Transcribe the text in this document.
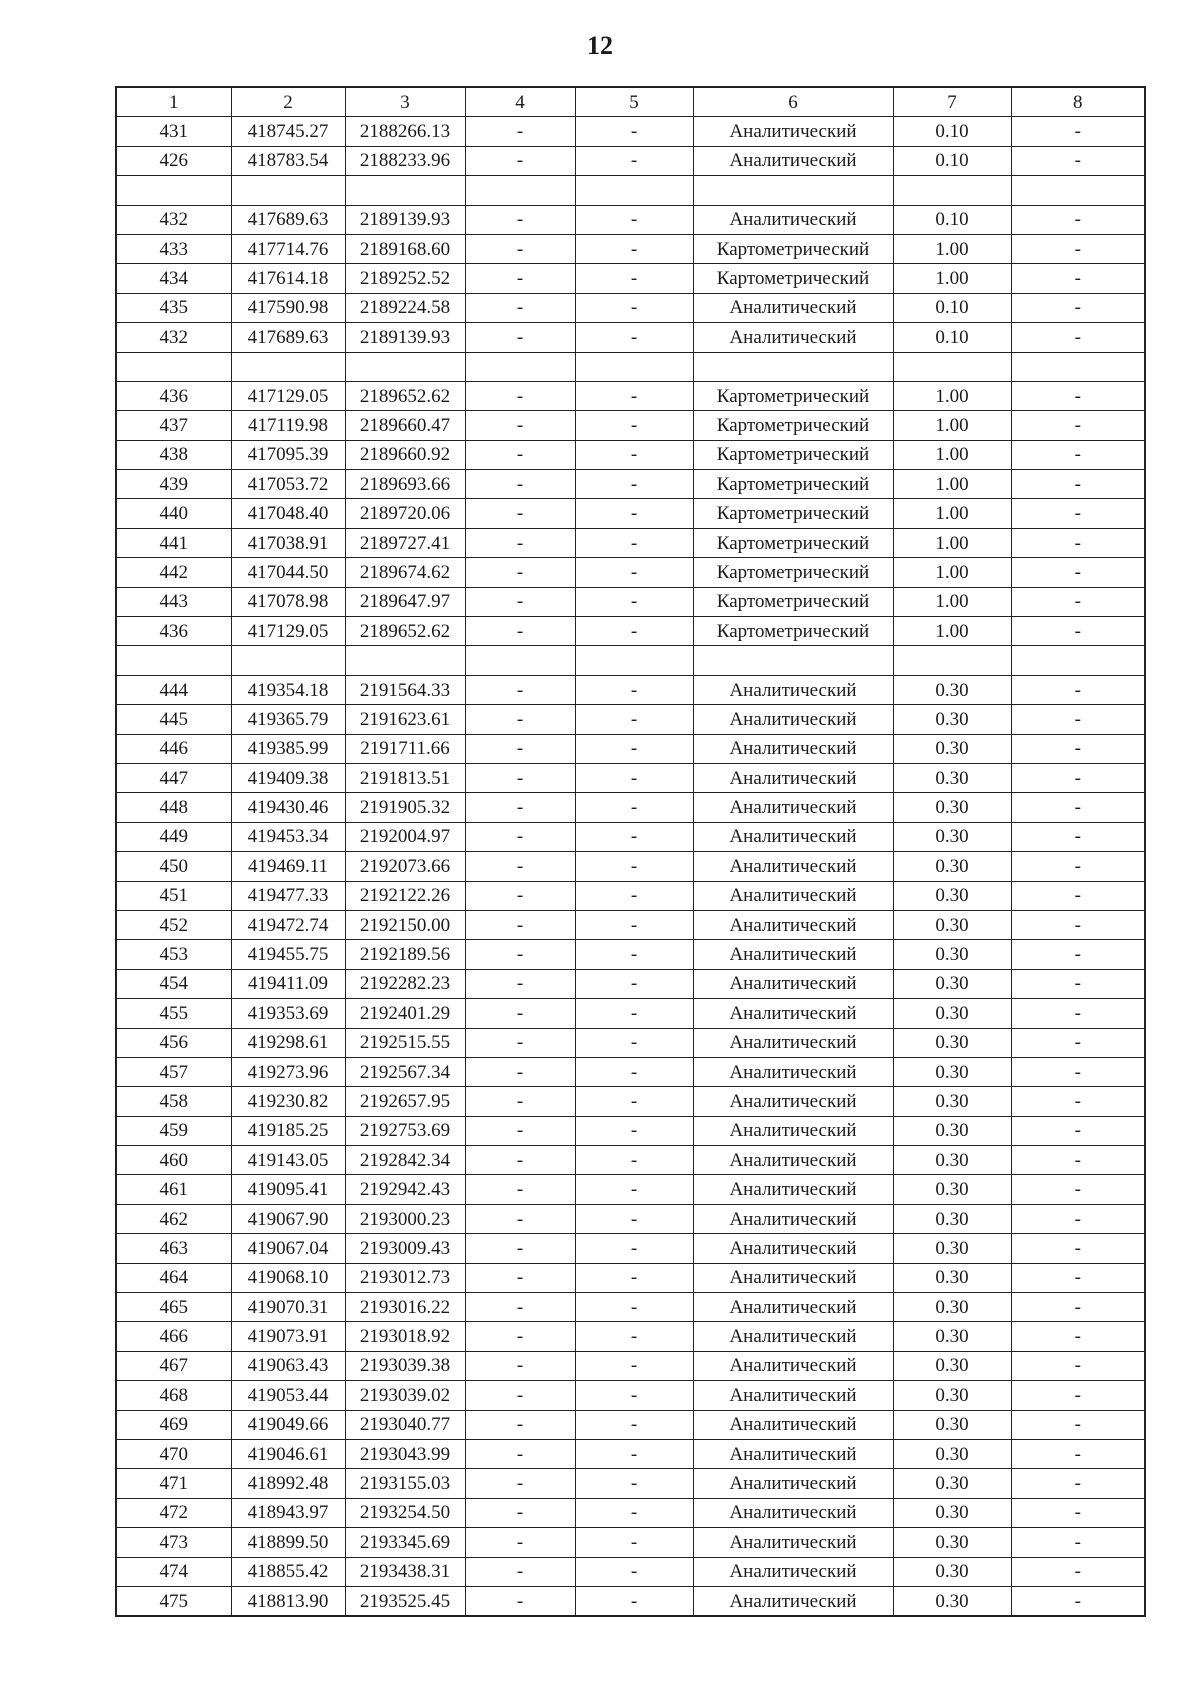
12
1	2	3	4	5	6	7	8
431	418745.27	2188266.13	-	-	Аналитический	0.10	-
426	418783.54	2188233.96	-	-	Аналитический	0.10	-

432	417689.63	2189139.93	-	-	Аналитический	0.10	-
433	417714.76	2189168.60	-	-	Картометрический	1.00	-
434	417614.18	2189252.52	-	-	Картометрический	1.00	-
435	417590.98	2189224.58	-	-	Аналитический	0.10	-
432	417689.63	2189139.93	-	-	Аналитический	0.10	-

436	417129.05	2189652.62	-	-	Картометрический	1.00	-
437	417119.98	2189660.47	-	-	Картометрический	1.00	-
438	417095.39	2189660.92	-	-	Картометрический	1.00	-
439	417053.72	2189693.66	-	-	Картометрический	1.00	-
440	417048.40	2189720.06	-	-	Картометрический	1.00	-
441	417038.91	2189727.41	-	-	Картометрический	1.00	-
442	417044.50	2189674.62	-	-	Картометрический	1.00	-
443	417078.98	2189647.97	-	-	Картометрический	1.00	-
436	417129.05	2189652.62	-	-	Картометрический	1.00	-

444	419354.18	2191564.33	-	-	Аналитический	0.30	-
445	419365.79	2191623.61	-	-	Аналитический	0.30	-
446	419385.99	2191711.66	-	-	Аналитический	0.30	-
447	419409.38	2191813.51	-	-	Аналитический	0.30	-
448	419430.46	2191905.32	-	-	Аналитический	0.30	-
449	419453.34	2192004.97	-	-	Аналитический	0.30	-
450	419469.11	2192073.66	-	-	Аналитический	0.30	-
451	419477.33	2192122.26	-	-	Аналитический	0.30	-
452	419472.74	2192150.00	-	-	Аналитический	0.30	-
453	419455.75	2192189.56	-	-	Аналитический	0.30	-
454	419411.09	2192282.23	-	-	Аналитический	0.30	-
455	419353.69	2192401.29	-	-	Аналитический	0.30	-
456	419298.61	2192515.55	-	-	Аналитический	0.30	-
457	419273.96	2192567.34	-	-	Аналитический	0.30	-
458	419230.82	2192657.95	-	-	Аналитический	0.30	-
459	419185.25	2192753.69	-	-	Аналитический	0.30	-
460	419143.05	2192842.34	-	-	Аналитический	0.30	-
461	419095.41	2192942.43	-	-	Аналитический	0.30	-
462	419067.90	2193000.23	-	-	Аналитический	0.30	-
463	419067.04	2193009.43	-	-	Аналитический	0.30	-
464	419068.10	2193012.73	-	-	Аналитический	0.30	-
465	419070.31	2193016.22	-	-	Аналитический	0.30	-
466	419073.91	2193018.92	-	-	Аналитический	0.30	-
467	419063.43	2193039.38	-	-	Аналитический	0.30	-
468	419053.44	2193039.02	-	-	Аналитический	0.30	-
469	419049.66	2193040.77	-	-	Аналитический	0.30	-
470	419046.61	2193043.99	-	-	Аналитический	0.30	-
471	418992.48	2193155.03	-	-	Аналитический	0.30	-
472	418943.97	2193254.50	-	-	Аналитический	0.30	-
473	418899.50	2193345.69	-	-	Аналитический	0.30	-
474	418855.42	2193438.31	-	-	Аналитический	0.30	-
475	418813.90	2193525.45	-	-	Аналитический	0.30	-
